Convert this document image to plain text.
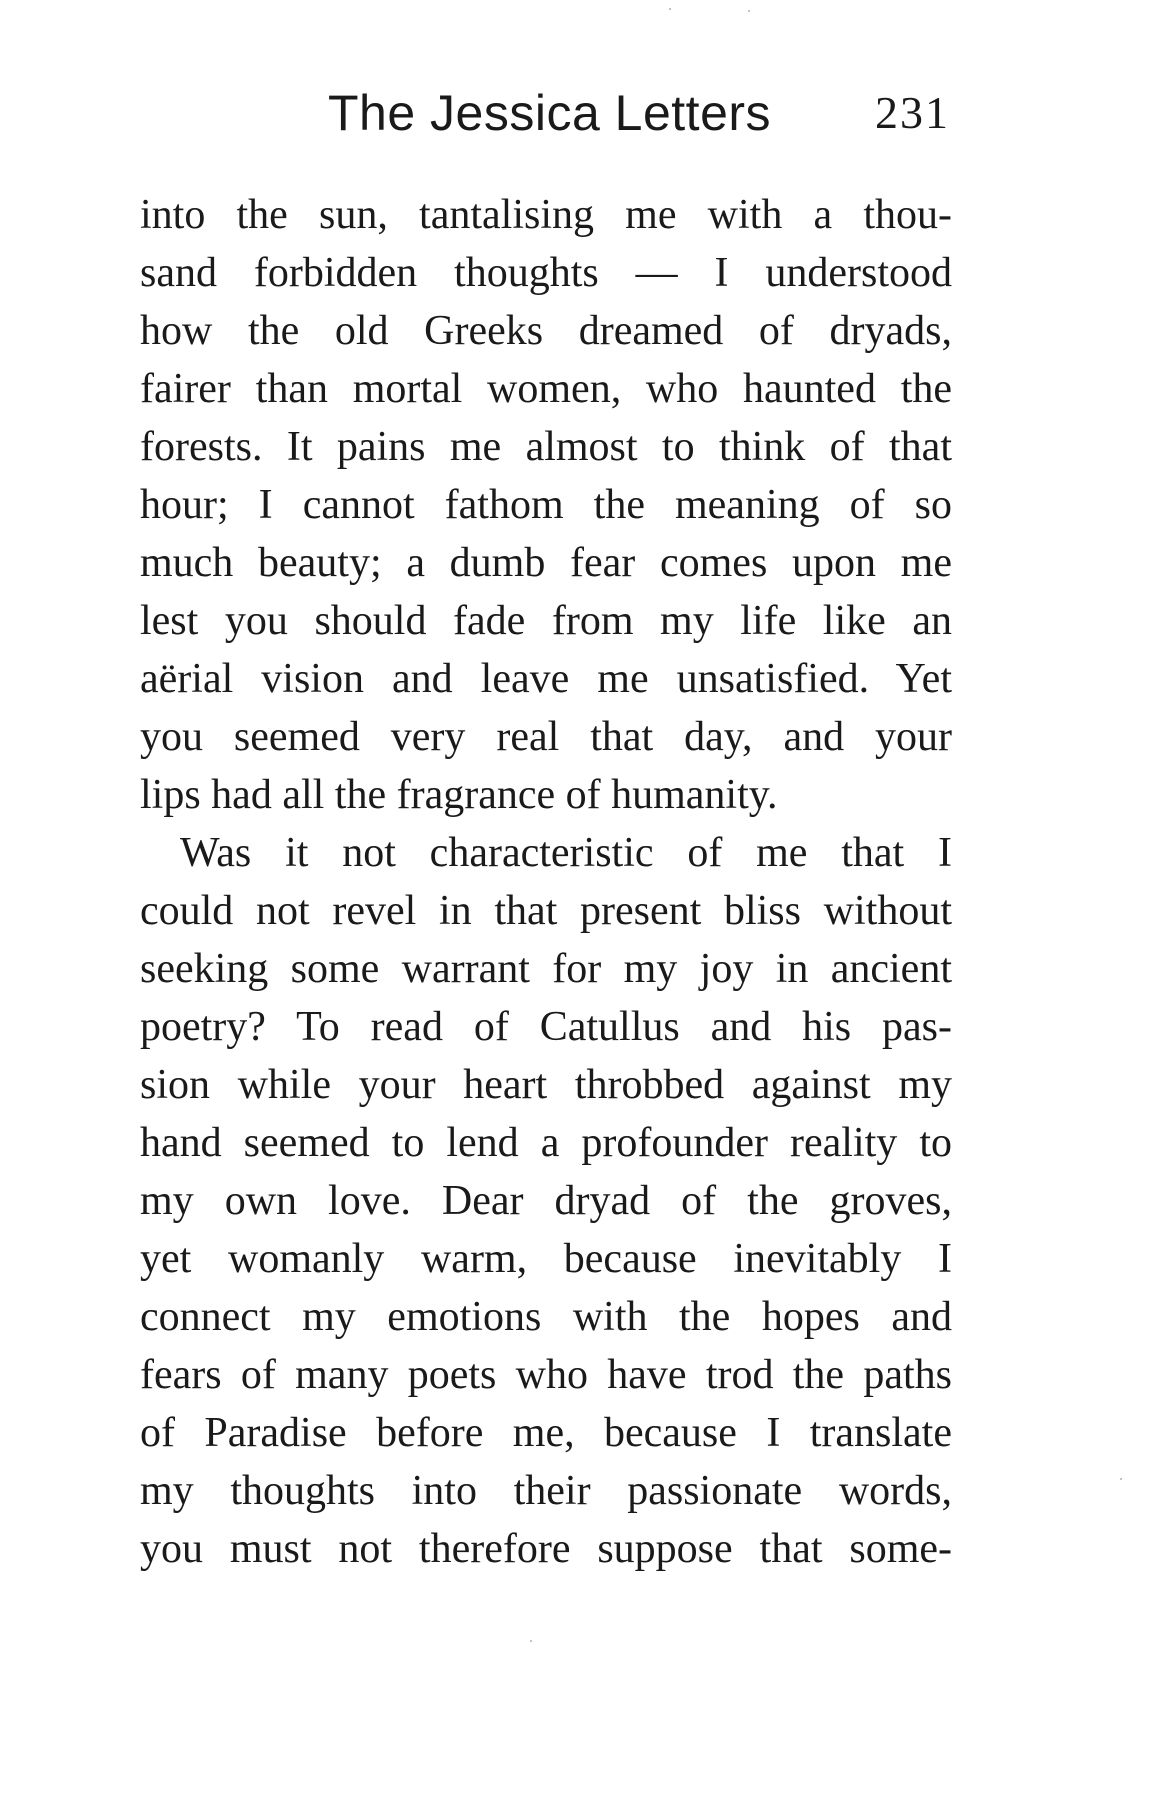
The Jessica Letters 231
into the sun, tantalising me with a thou-
sand forbidden thoughts — I understood
how the old Greeks dreamed of dryads,
fairer than mortal women, who haunted the
forests. It pains me almost to think of that
hour; I cannot fathom the meaning of so
much beauty; a dumb fear comes upon me
lest you should fade from my life like an
aërial vision and leave me unsatisfied. Yet
you seemed very real that day, and your
lips had all the fragrance of humanity.
Was it not characteristic of me that I
could not revel in that present bliss without
seeking some warrant for my joy in ancient
poetry? To read of Catullus and his pas-
sion while your heart throbbed against my
hand seemed to lend a profounder reality to
my own love. Dear dryad of the groves,
yet womanly warm, because inevitably I
connect my emotions with the hopes and
fears of many poets who have trod the paths
of Paradise before me, because I translate
my thoughts into their passionate words,
you must not therefore suppose that some-
